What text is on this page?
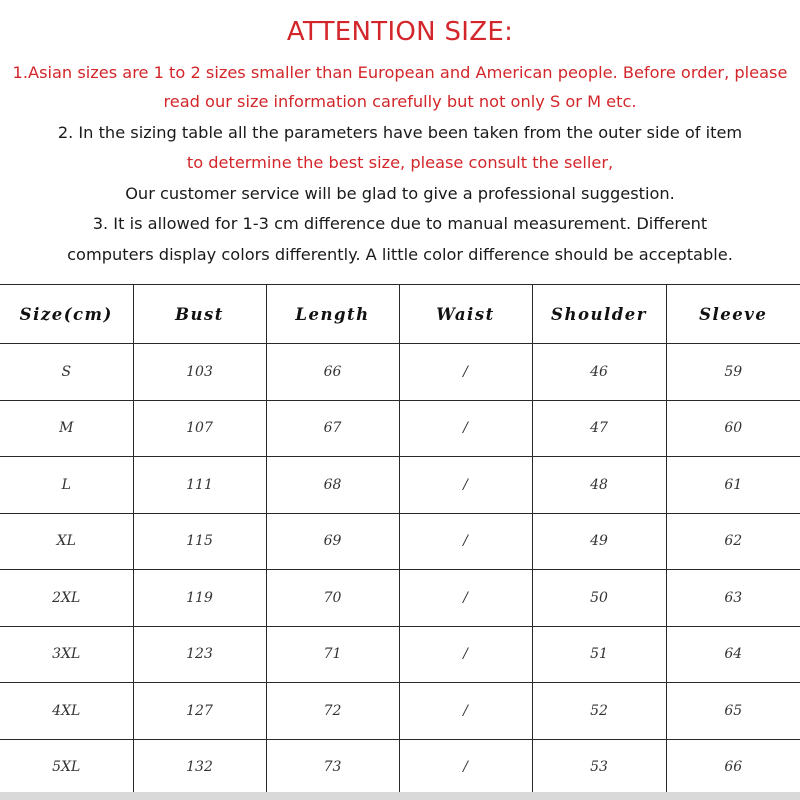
ATTENTION SIZE:
1.Asian sizes are 1 to 2 sizes smaller than European and American people. Before order, please
read our size information carefully but not only S or M etc.
2. In the sizing table all the parameters have been taken from the outer side of item
to determine the best size, please consult the seller,
Our customer service will be glad to give a professional suggestion.
3. It is allowed for 1-3 cm difference due to manual measurement. Different
computers display colors differently. A little color difference should be acceptable.
Size(cm)	Bust	Length	Waist	Shoulder	Sleeve
S	103	66	/	46	59
M	107	67	/	47	60
L	111	68	/	48	61
XL	115	69	/	49	62
2XL	119	70	/	50	63
3XL	123	71	/	51	64
4XL	127	72	/	52	65
5XL	132	73	/	53	66
